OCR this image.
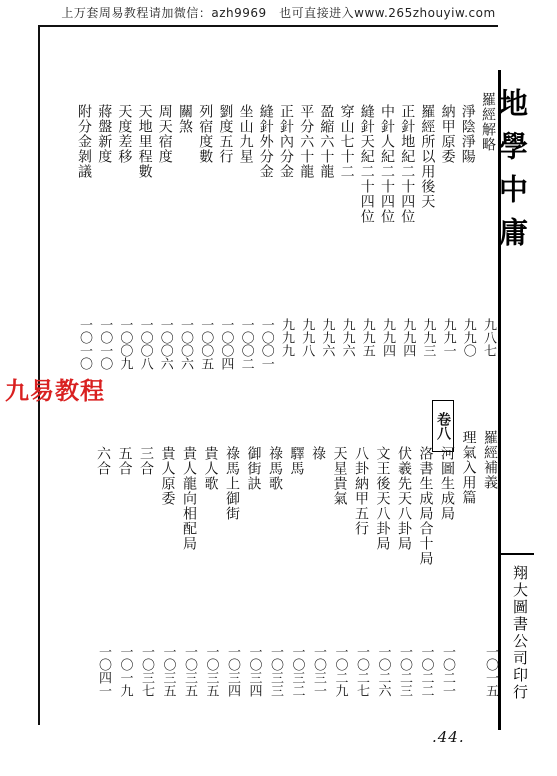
上万套周易教程请加微信：azh9969　也可直接进入www.265zhouyiw.com
地學中庸
翔大圖書公司印行
九易教程
卷八
羅經解略
九八七
淨陰淨陽
九九〇
納甲原委
九九一
羅經所以用後天
九九三
正針地紀二十四位
九九四
中針人紀二十四位
九九四
縫針天紀二十四位
九九五
穿山七十二
九九六
盈縮六十龍
九九六
平分六十龍
九九八
正針內分金
九九九
縫針外分金
一〇〇一
坐山九星
一〇〇二
劉度五行
一〇〇四
列宿度數
一〇〇五
關煞
一〇〇六
周天宿度
一〇〇六
天地里程數
一〇〇八
天度差移
一〇〇九
蔣盤新度
一〇一〇
附分金剝議
一〇一〇
羅經補義
一〇一五
理氣入用篇
河圖生成局
一〇二一
洛書生成局合十局
一〇二二
伏羲先天八卦局
一〇二三
文王後天八卦局
一〇二六
八卦納甲五行
一〇二七
天星貴氣
一〇二九
祿
一〇三一
驛馬
一〇三二
祿馬歌
一〇三三
御街訣
一〇三四
祿馬上御街
一〇三四
貴人歌
一〇三五
貴人龍向相配局
一〇三五
貴人原委
一〇三五
三合
一〇三七
五合
一〇一九
六合
一〇四一
.44.
